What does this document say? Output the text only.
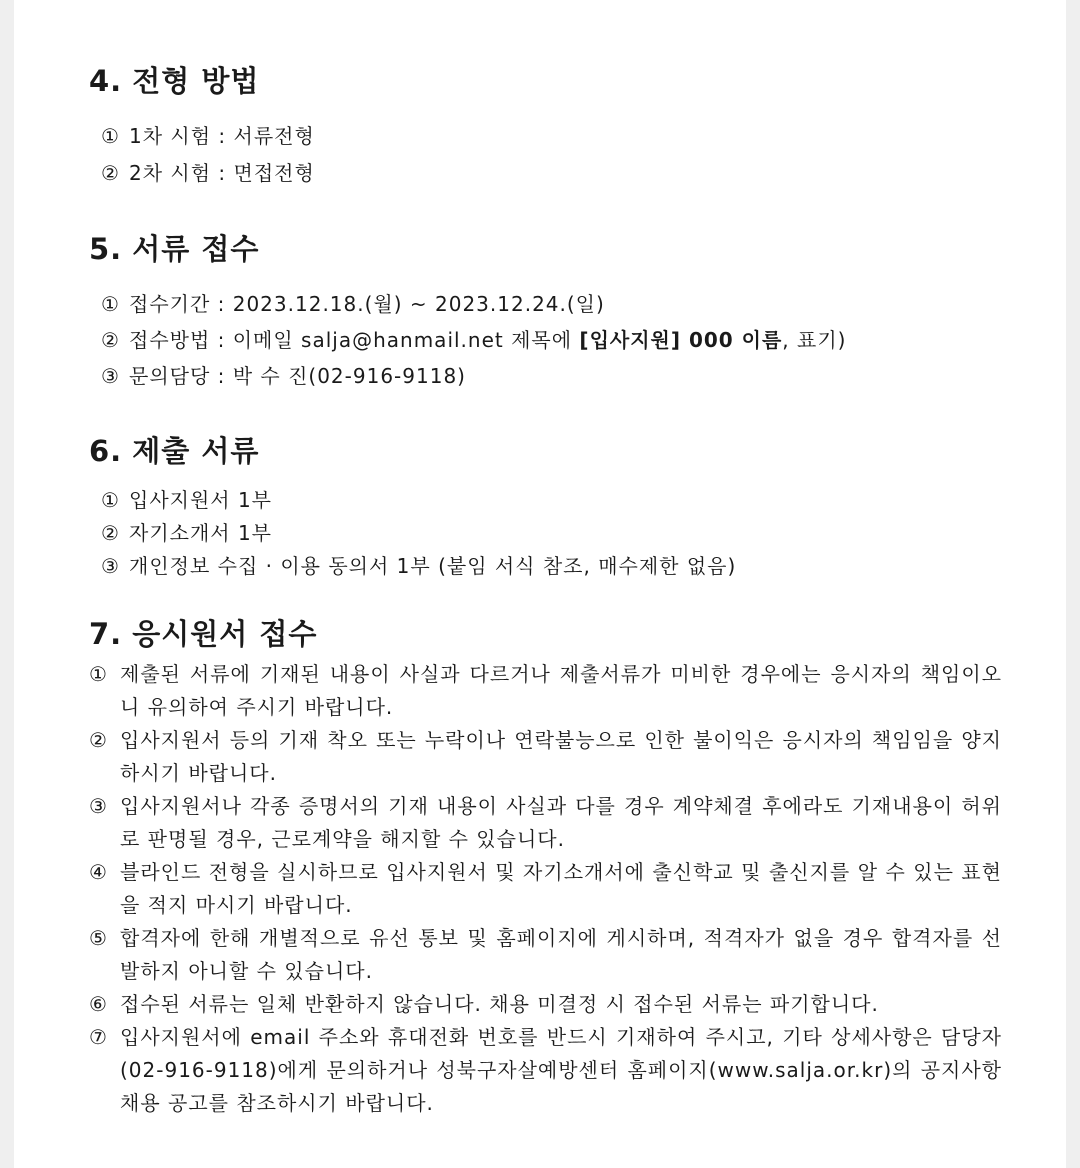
4. 전형 방법
① 1차 시험 : 서류전형
② 2차 시험 : 면접전형
5. 서류 접수
① 접수기간 : 2023.12.18.(월) ~ 2023.12.24.(일)
② 접수방법 : 이메일 salja@hanmail.net 제목에 [입사지원] 000 이름, 표기)
③ 문의담당 : 박 수 진(02-916-9118)
6. 제출 서류
① 입사지원서 1부
② 자기소개서 1부
③ 개인정보 수집 · 이용 동의서 1부 (붙임 서식 참조, 매수제한 없음)
7. 응시원서 접수
① 제출된 서류에 기재된 내용이 사실과 다르거나 제출서류가 미비한 경우에는 응시자의 책임이오니 유의하여 주시기 바랍니다.
② 입사지원서 등의 기재 착오 또는 누락이나 연락불능으로 인한 불이익은 응시자의 책임임을 양지하시기 바랍니다.
③ 입사지원서나 각종 증명서의 기재 내용이 사실과 다를 경우 계약체결 후에라도 기재내용이 허위로 판명될 경우, 근로계약을 해지할 수 있습니다.
④ 블라인드 전형을 실시하므로 입사지원서 및 자기소개서에 출신학교 및 출신지를 알 수 있는 표현을 적지 마시기 바랍니다.
⑤ 합격자에 한해 개별적으로 유선 통보 및 홈페이지에 게시하며, 적격자가 없을 경우 합격자를 선발하지 아니할 수 있습니다.
⑥ 접수된 서류는 일체 반환하지 않습니다. 채용 미결정 시 접수된 서류는 파기합니다.
⑦ 입사지원서에 email 주소와 휴대전화 번호를 반드시 기재하여 주시고, 기타 상세사항은 담당자(02-916-9118)에게 문의하거나 성북구자살예방센터 홈페이지(www.salja.or.kr)의 공지사항 채용 공고를 참조하시기 바랍니다.
